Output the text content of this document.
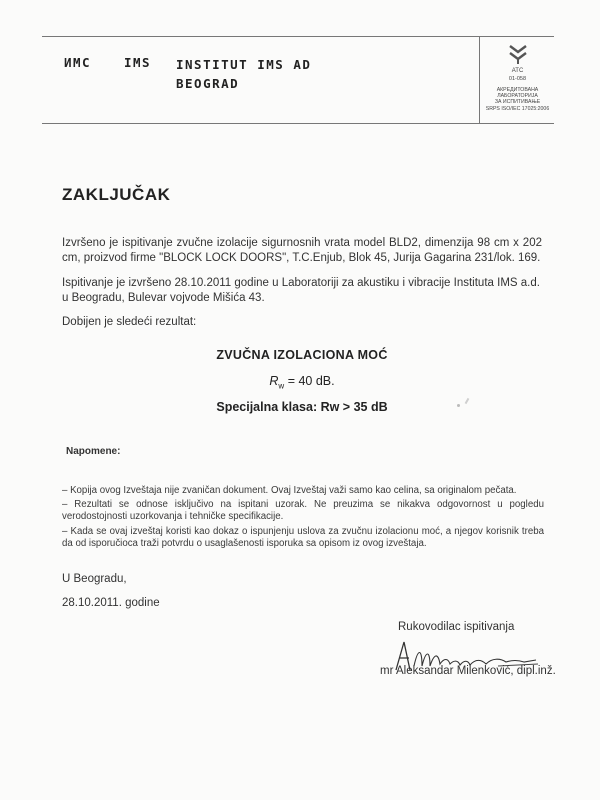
ИМС	IMS INSTITUT IMS AD
BEOGRAD
ATC
01-058
АКРЕДИТОВАНА
ЛАБОРАТОРИЈА
ЗА ИСПИТИВАЊЕ
SRPS ISO/IEC 17025:2006
ZAKLJUČAK
Izvršeno je ispitivanje zvučne izolacije sigurnosnih vrata model BLD2, dimenzija 98 cm x 202 cm, proizvod firme "BLOCK LOCK DOORS", T.C.Enjub, Blok 45, Jurija Gagarina 231/lok. 169.
Ispitivanje je izvršeno 28.10.2011 godine u Laboratoriji za akustiku i vibracije Instituta IMS a.d. u Beogradu, Bulevar vojvode Mišića 43.
Dobijen je sledeći rezultat:
ZVUČNA IZOLACIONA MOĆ
$R_w = 40$ dB.
Specijalna klasa: Rw > 35 dB
Napomene:
– Kopija ovog Izveštaja nije zvaničan dokument. Ovaj Izveštaj važi samo kao celina, sa originalom pečata.
– Rezultati se odnose isključivo na ispitani uzorak. Ne preuzima se nikakva odgovornost u pogledu verodostojnosti uzorkovanja i tehničke specifikacije.
– Kada se ovaj izveštaj koristi kao dokaz o ispunjenju uslova za zvučnu izolacionu moć, a njegov korisnik treba da od isporučioca traži potvrdu o usaglašenosti isporuka sa opisom iz ovog izveštaja.
U Beogradu,
28.10.2011. godine
Rukovodilac ispitivanja
mr Aleksandar Milenković, dipl.inž.
